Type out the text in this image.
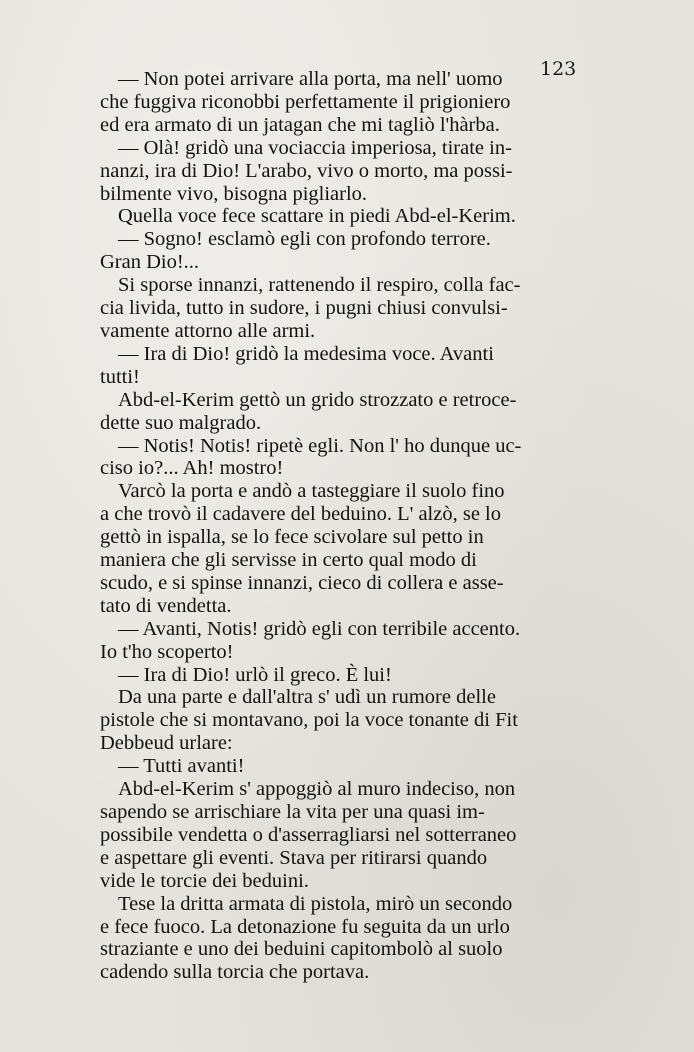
123
— Non potei arrivare alla porta, ma nell' uomo
che fuggiva riconobbi perfettamente il prigioniero
ed era armato di un jatagan che mi tagliò l'hàrba.
— Olà! gridò una vociaccia imperiosa, tirate in-
nanzi, ira di Dio! L'arabo, vivo o morto, ma possi-
bilmente vivo, bisogna pigliarlo.
Quella voce fece scattare in piedi Abd-el-Kerim.
— Sogno! esclamò egli con profondo terrore.
Gran Dio!...
Si sporse innanzi, rattenendo il respiro, colla fac-
cia livida, tutto in sudore, i pugni chiusi convulsi-
vamente attorno alle armi.
— Ira di Dio! gridò la medesima voce. Avanti
tutti!
Abd-el-Kerim gettò un grido strozzato e retroce-
dette suo malgrado.
— Notis! Notis! ripetè egli. Non l' ho dunque uc-
ciso io?... Ah! mostro!
Varcò la porta e andò a tasteggiare il suolo fino
a che trovò il cadavere del beduino. L' alzò, se lo
gettò in ispalla, se lo fece scivolare sul petto in
maniera che gli servisse in certo qual modo di
scudo, e si spinse innanzi, cieco di collera e asse-
tato di vendetta.
— Avanti, Notis! gridò egli con terribile accento.
Io t'ho scoperto!
— Ira di Dio! urlò il greco. È lui!
Da una parte e dall'altra s' udì un rumore delle
pistole che si montavano, poi la voce tonante di Fit
Debbeud urlare:
— Tutti avanti!
Abd-el-Kerim s' appoggiò al muro indeciso, non
sapendo se arrischiare la vita per una quasi im-
possibile vendetta o d'asserragliarsi nel sotterraneo
e aspettare gli eventi. Stava per ritirarsi quando
vide le torcie dei beduini.
Tese la dritta armata di pistola, mirò un secondo
e fece fuoco. La detonazione fu seguita da un urlo
straziante e uno dei beduini capitombolò al suolo
cadendo sulla torcia che portava.
